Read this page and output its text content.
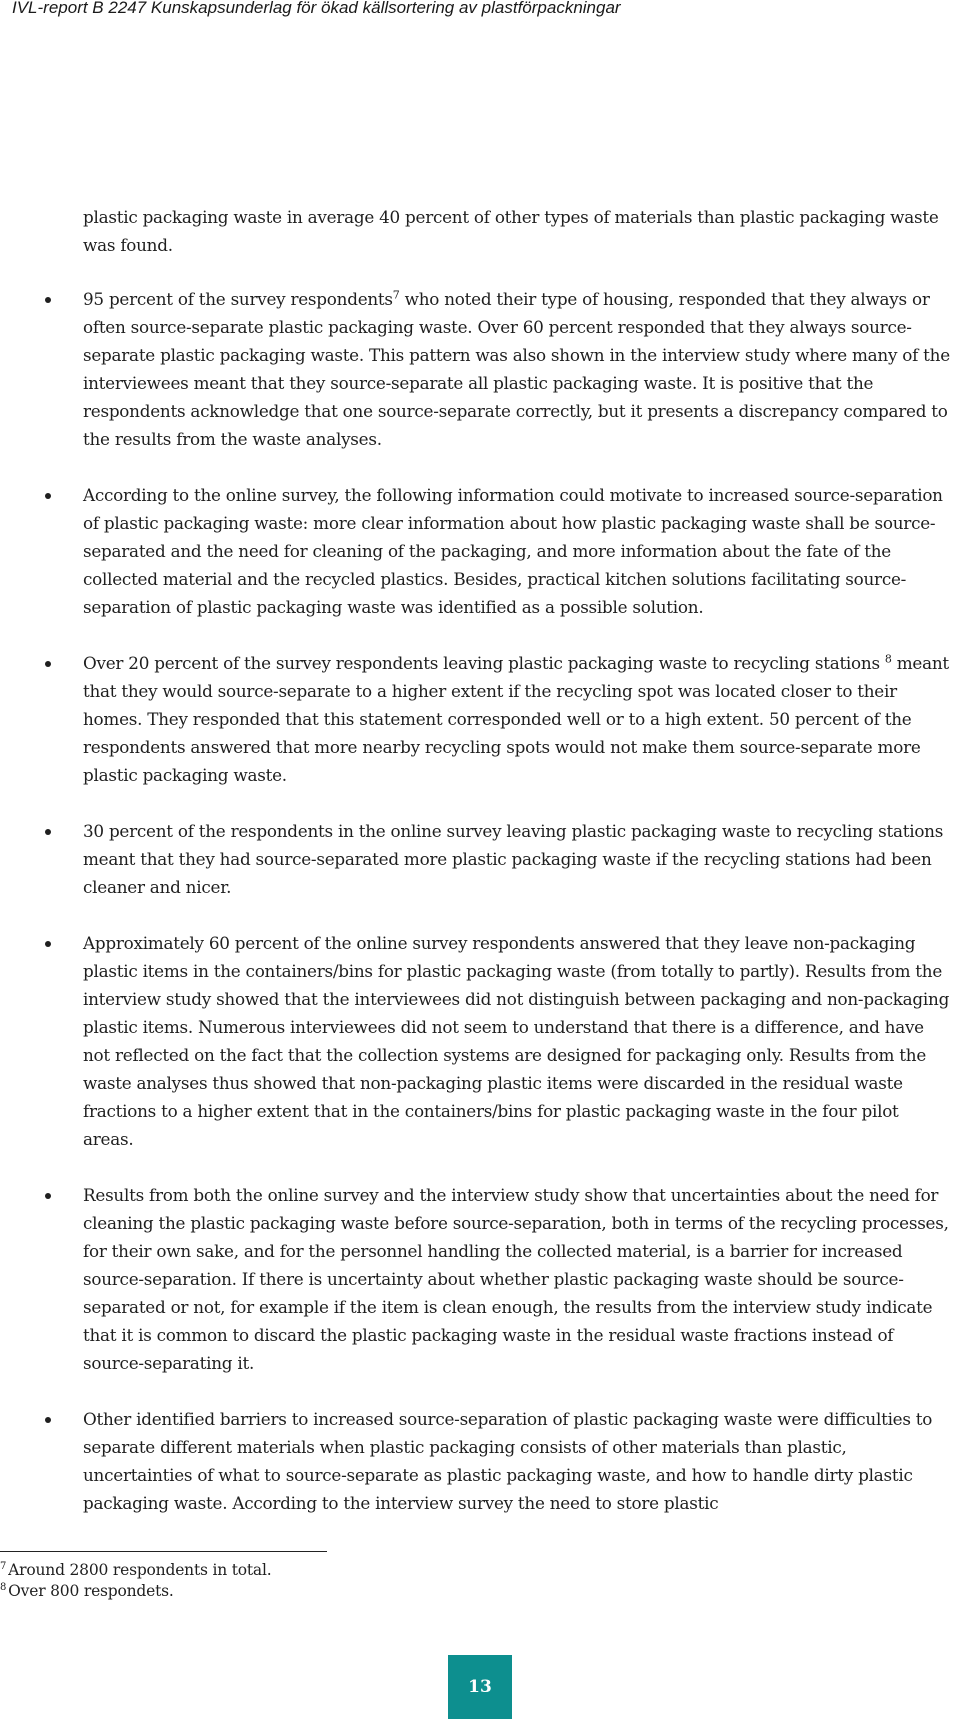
IVL-report B 2247 Kunskapsunderlag för ökad källsortering av plastförpackningar

plastic packaging waste in average 40 percent of other types of materials than plastic packaging waste was found.

95 percent of the survey respondents$^7$ who noted their type of housing, responded that they always or often source-separate plastic packaging waste. Over 60 percent responded that they always source-separate plastic packaging waste. This pattern was also shown in the interview study where many of the interviewees meant that they source-separate all plastic packaging waste. It is positive that the respondents acknowledge that one source-separate correctly, but it presents a discrepancy compared to the results from the waste analyses.
According to the online survey, the following information could motivate to increased source-separation of plastic packaging waste: more clear information about how plastic packaging waste shall be source-separated and the need for cleaning of the packaging, and more information about the fate of the collected material and the recycled plastics. Besides, practical kitchen solutions facilitating source-separation of plastic packaging waste was identified as a possible solution.
Over 20 percent of the survey respondents leaving plastic packaging waste to recycling stations $^8$ meant that they would source-separate to a higher extent if the recycling spot was located closer to their homes. They responded that this statement corresponded well or to a high extent. 50 percent of the respondents answered that more nearby recycling spots would not make them source-separate more plastic packaging waste.
30 percent of the respondents in the online survey leaving plastic packaging waste to recycling stations meant that they had source-separated more plastic packaging waste if the recycling stations had been cleaner and nicer.
Approximately 60 percent of the online survey respondents answered that they leave non-packaging plastic items in the containers/bins for plastic packaging waste (from totally to partly). Results from the interview study showed that the interviewees did not distinguish between packaging and non-packaging plastic items. Numerous interviewees did not seem to understand that there is a difference, and have not reflected on the fact that the collection systems are designed for packaging only. Results from the waste analyses thus showed that non-packaging plastic items were discarded in the residual waste fractions to a higher extent that in the containers/bins for plastic packaging waste in the four pilot areas.
Results from both the online survey and the interview study show that uncertainties about the need for cleaning the plastic packaging waste before source-separation, both in terms of the recycling processes, for their own sake, and for the personnel handling the collected material, is a barrier for increased source-separation. If there is uncertainty about whether plastic packaging waste should be source-separated or not, for example if the item is clean enough, the results from the interview study indicate that it is common to discard the plastic packaging waste in the residual waste fractions instead of source-separating it.
Other identified barriers to increased source-separation of plastic packaging waste were difficulties to separate different materials when plastic packaging consists of other materials than plastic, uncertainties of what to source-separate as plastic packaging waste, and how to handle dirty plastic packaging waste. According to the interview survey the need to store plastic

$^7$ Around 2800 respondents in total.

$^8$ Over 800 respondets.

13
